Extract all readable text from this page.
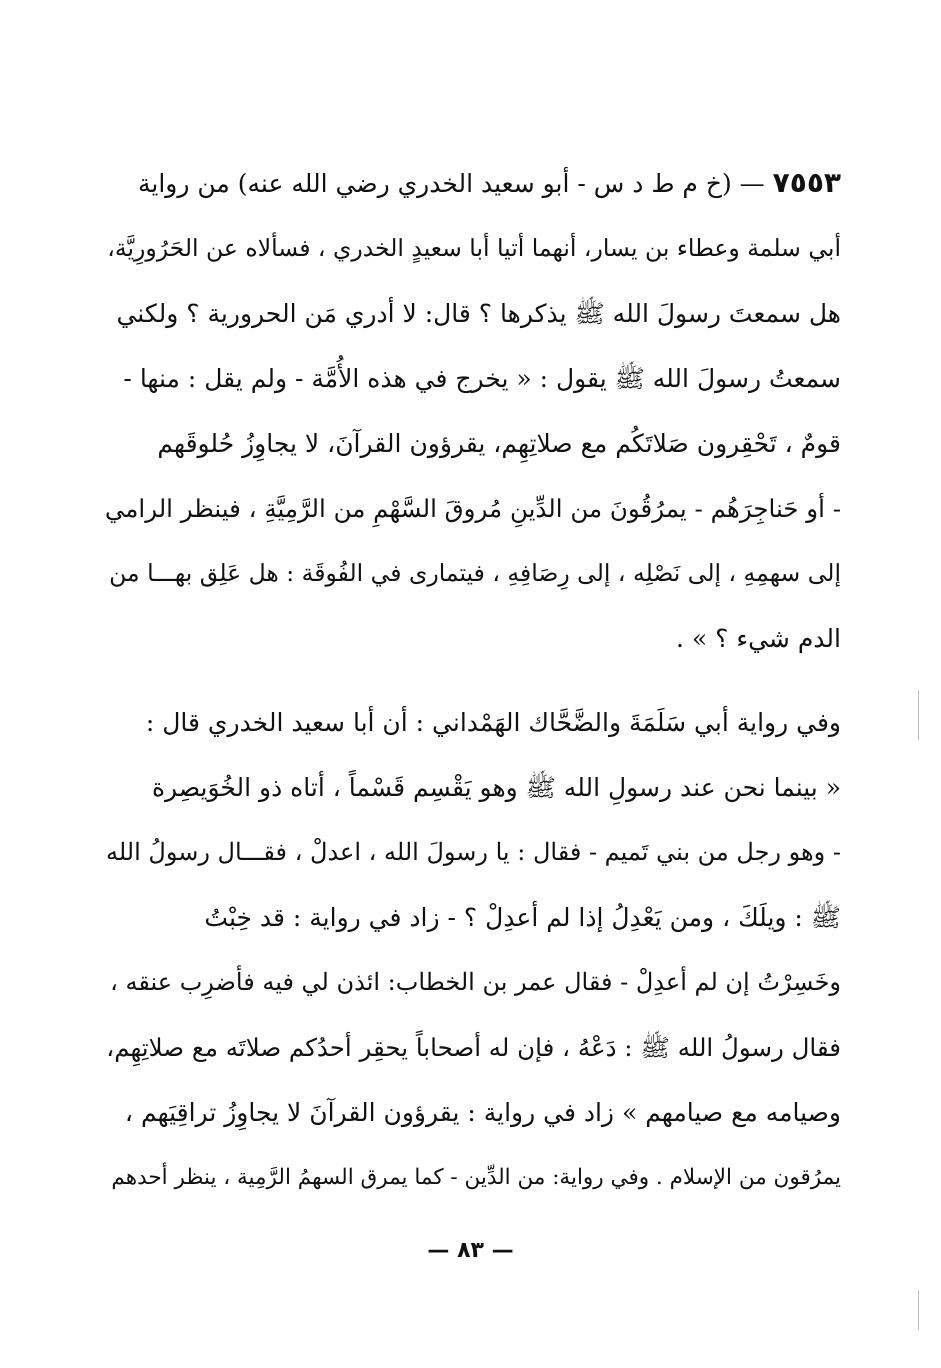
٧٥٥٣ — (خ م ط د س - أبو سعيد الخدري رضي الله عنه) من رواية
أبي سلمة وعطاء بن يسار، أنهما أتيا أبا سعيدٍ الخدري ، فسألاه عن الحَرُورِيَّة،
هل سمعتَ رسولَ الله ﷺ يذكرها ؟ قال: لا أدري مَن الحرورية ؟ ولكني
سمعتُ رسولَ الله ﷺ يقول : « يخرج في هذه الأُمَّة - ولم يقل : منها -
قومٌ ، تَحْقِرون صَلاتَكُم مع صلاتِهِم، يقرؤون القرآنَ، لا يجاوِزُ حُلوقَهم
- أو حَناجِرَهُم - يمرُقُونَ من الدِّينِ مُروقَ السَّهْمِ من الرَّمِيَّةِ ، فينظر الرامي
إلى سهمِهِ ، إلى نَصْلِه ، إلى رِصَافِهِ ، فيتمارى في الفُوقَة : هل عَلِق بهـــا من
الدم شيء ؟ » .
وفي رواية أبي سَلَمَةَ والضَّحَّاك الهَمْداني : أن أبا سعيد الخدري قال :
« بينما نحن عند رسولِ الله ﷺ وهو يَقْسِم قَسْماً ، أتاه ذو الخُوَيصِرة
- وهو رجل من بني تَميم - فقال : يا رسولَ الله ، اعدلْ ، فقـــال رسولُ الله
ﷺ : ويلَكَ ، ومن يَعْدِلُ إذا لم أعدِلْ ؟ - زاد في رواية : قد خِبْتُ
وخَسِرْتُ إن لم أعدِلْ - فقال عمر بن الخطاب: ائذن لي فيه فأضرِب عنقه ،
فقال رسولُ الله ﷺ : دَعْهُ ، فإن له أصحاباً يحقِر أحدُكم صلاتَه مع صلاتِهِم،
وصيامه مع صيامهم » زاد في رواية : يقرؤون القرآنَ لا يجاوِزُ تراقِيَهم ،
يمرُقون من الإسلام . وفي رواية: من الدِّين - كما يمرق السهمُ الرَّمِية ، ينظر أحدهم
— ٨٣ —
